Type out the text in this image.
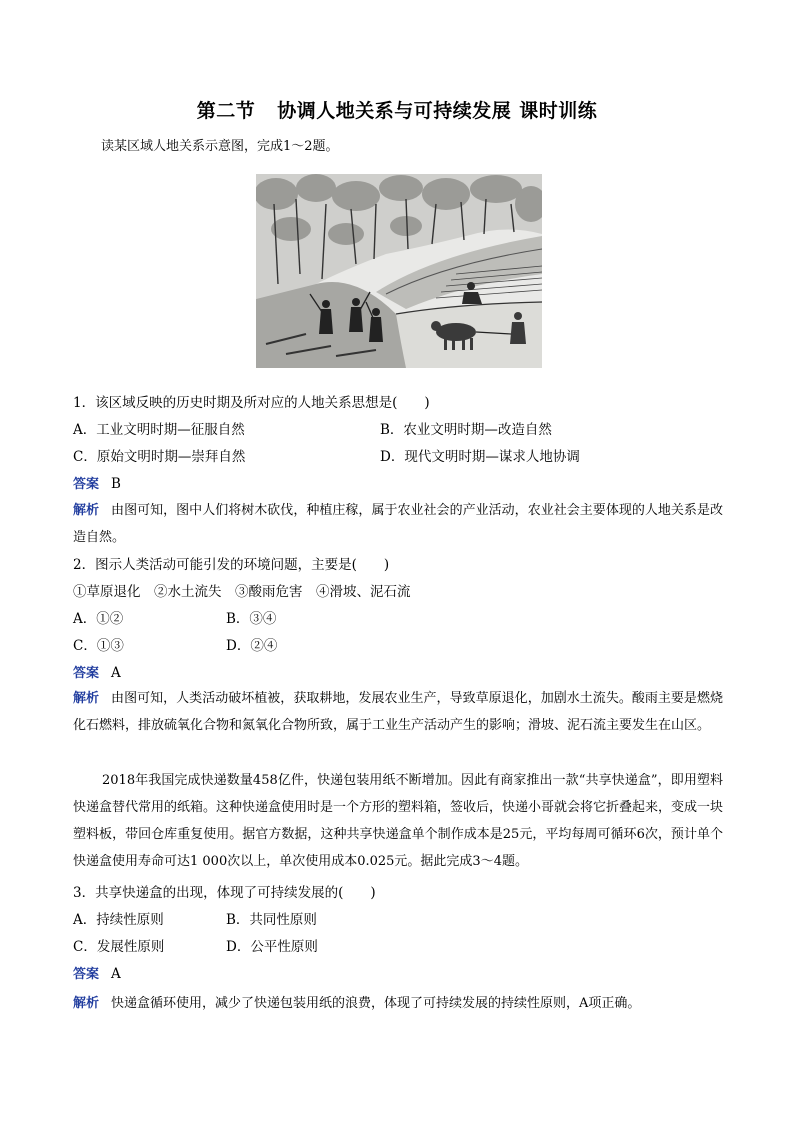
第二节 协调人地关系与可持续发展 课时训练
读某区域人地关系示意图，完成1～2题。
1．该区域反映的历史时期及所对应的人地关系思想是(　　)
A．工业文明时期—征服自然	B．农业文明时期—改造自然
C．原始文明时期—崇拜自然	D．现代文明时期—谋求人地协调
答案 B
解析 由图可知，图中人们将树木砍伐，种植庄稼，属于农业社会的产业活动，农业社会主要体现的人地关系是改造自然。
2．图示人类活动可能引发的环境问题，主要是(　　)
①草原退化　②水土流失　③酸雨危害　④滑坡、泥石流
A．①②	B．③④
C．①③	D．②④
答案 A
解析 由图可知，人类活动破坏植被，获取耕地，发展农业生产，导致草原退化，加剧水土流失。酸雨主要是燃烧化石燃料，排放硫氧化合物和氮氧化合物所致，属于工业生产活动产生的影响；滑坡、泥石流主要发生在山区。
2018年我国完成快递数量458亿件，快递包装用纸不断增加。因此有商家推出一款“共享快递盒”，即用塑料快递盒替代常用的纸箱。这种快递盒使用时是一个方形的塑料箱，签收后，快递小哥就会将它折叠起来，变成一块塑料板，带回仓库重复使用。据官方数据，这种共享快递盒单个制作成本是25元，平均每周可循环6次，预计单个快递盒使用寿命可达1 000次以上，单次使用成本0.025元。据此完成3～4题。
3．共享快递盒的出现，体现了可持续发展的(　　)
A．持续性原则	B．共同性原则
C．发展性原则	D．公平性原则
答案 A
解析 快递盒循环使用，减少了快递包装用纸的浪费，体现了可持续发展的持续性原则，A项正确。
